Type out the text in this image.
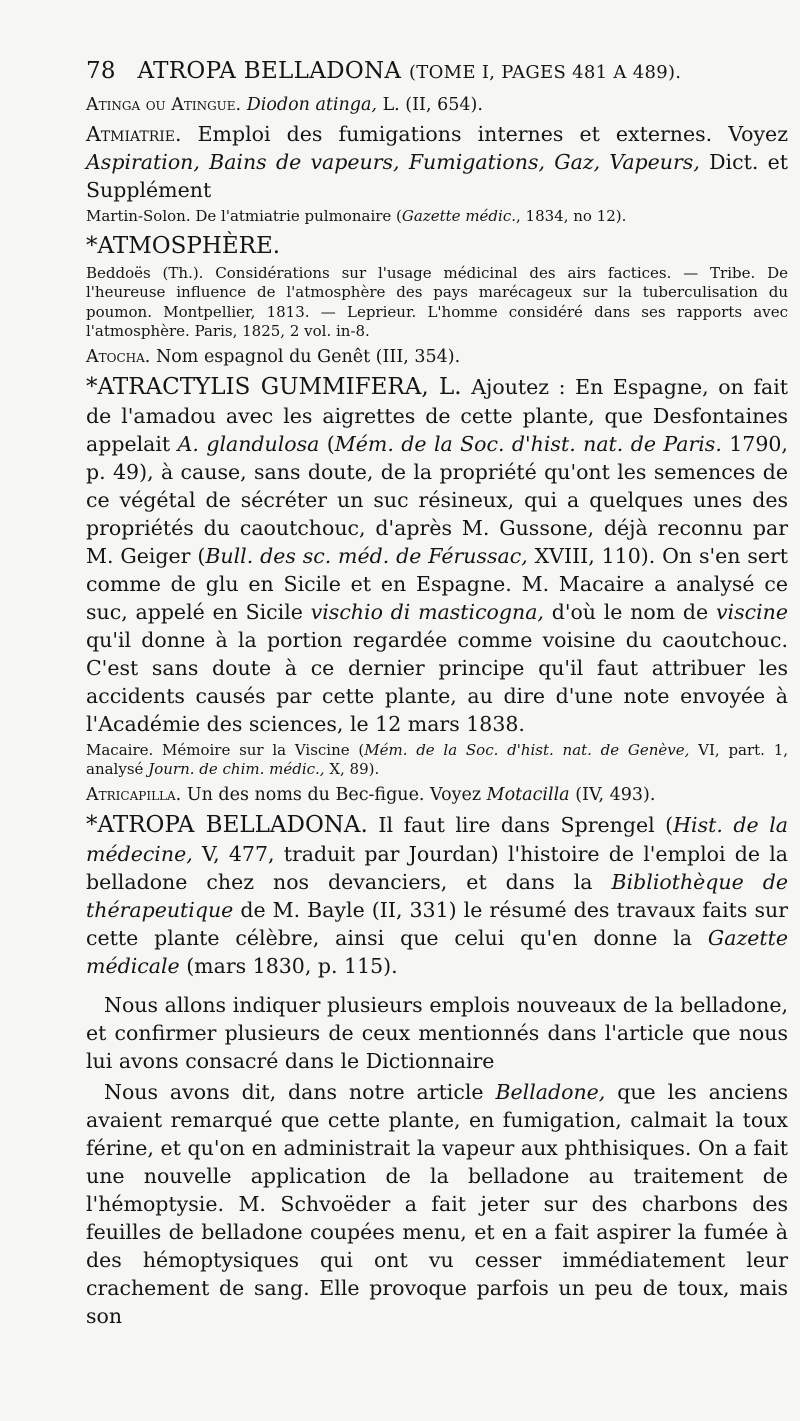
78 ATROPA BELLADONA (TOME I, PAGES 481 A 489).

Atinga ou Atingue. Diodon atinga, L. (II, 654).

Atmiatrie. Emploi des fumigations internes et externes. Voyez Aspiration, Bains de vapeurs, Fumigations, Gaz, Vapeurs, Dict. et Supplément

Martin-Solon. De l'atmiatrie pulmonaire (Gazette médic., 1834, no 12).

*ATMOSPHÈRE.

Beddoës (Th.). Considérations sur l'usage médicinal des airs factices. — Tribe. De l'heureuse influence de l'atmosphère des pays marécageux sur la tuberculisation du poumon. Montpellier, 1813. — Leprieur. L'homme considéré dans ses rapports avec l'atmosphère. Paris, 1825, 2 vol. in-8.

Atocha. Nom espagnol du Genêt (III, 354).

*ATRACTYLIS GUMMIFERA, L. Ajoutez : En Espagne, on fait de l'amadou avec les aigrettes de cette plante, que Desfontaines appelait A. glandulosa (Mém. de la Soc. d'hist. nat. de Paris. 1790, p. 49), à cause, sans doute, de la propriété qu'ont les semences de ce végétal de sécréter un suc résineux, qui a quelques unes des propriétés du caoutchouc, d'après M. Gussone, déjà reconnu par M. Geiger (Bull. des sc. méd. de Férussac, XVIII, 110). On s'en sert comme de glu en Sicile et en Espagne. M. Macaire a analysé ce suc, appelé en Sicile vischio di masticogna, d'où le nom de viscine qu'il donne à la portion regardée comme voisine du caoutchouc. C'est sans doute à ce dernier principe qu'il faut attribuer les accidents causés par cette plante, au dire d'une note envoyée à l'Académie des sciences, le 12 mars 1838.

Macaire. Mémoire sur la Viscine (Mém. de la Soc. d'hist. nat. de Genève, VI, part. 1, analysé Journ. de chim. médic., X, 89).

Atricapilla. Un des noms du Bec-figue. Voyez Motacilla (IV, 493).

*ATROPA BELLADONA. Il faut lire dans Sprengel (Hist. de la médecine, V, 477, traduit par Jourdan) l'histoire de l'emploi de la belladone chez nos devanciers, et dans la Bibliothèque de thérapeutique de M. Bayle (II, 331) le résumé des travaux faits sur cette plante célèbre, ainsi que celui qu'en donne la Gazette médicale (mars 1830, p. 115).

Nous allons indiquer plusieurs emplois nouveaux de la belladone, et confirmer plusieurs de ceux mentionnés dans l'article que nous lui avons consacré dans le Dictionnaire

Nous avons dit, dans notre article Belladone, que les anciens avaient remarqué que cette plante, en fumigation, calmait la toux férine, et qu'on en administrait la vapeur aux phthisiques. On a fait une nouvelle application de la belladone au traitement de l'hémoptysie. M. Schvoëder a fait jeter sur des charbons des feuilles de belladone coupées menu, et en a fait aspirer la fumée à des hémoptysiques qui ont vu cesser immédiatement leur crachement de sang. Elle provoque parfois un peu de toux, mais son
